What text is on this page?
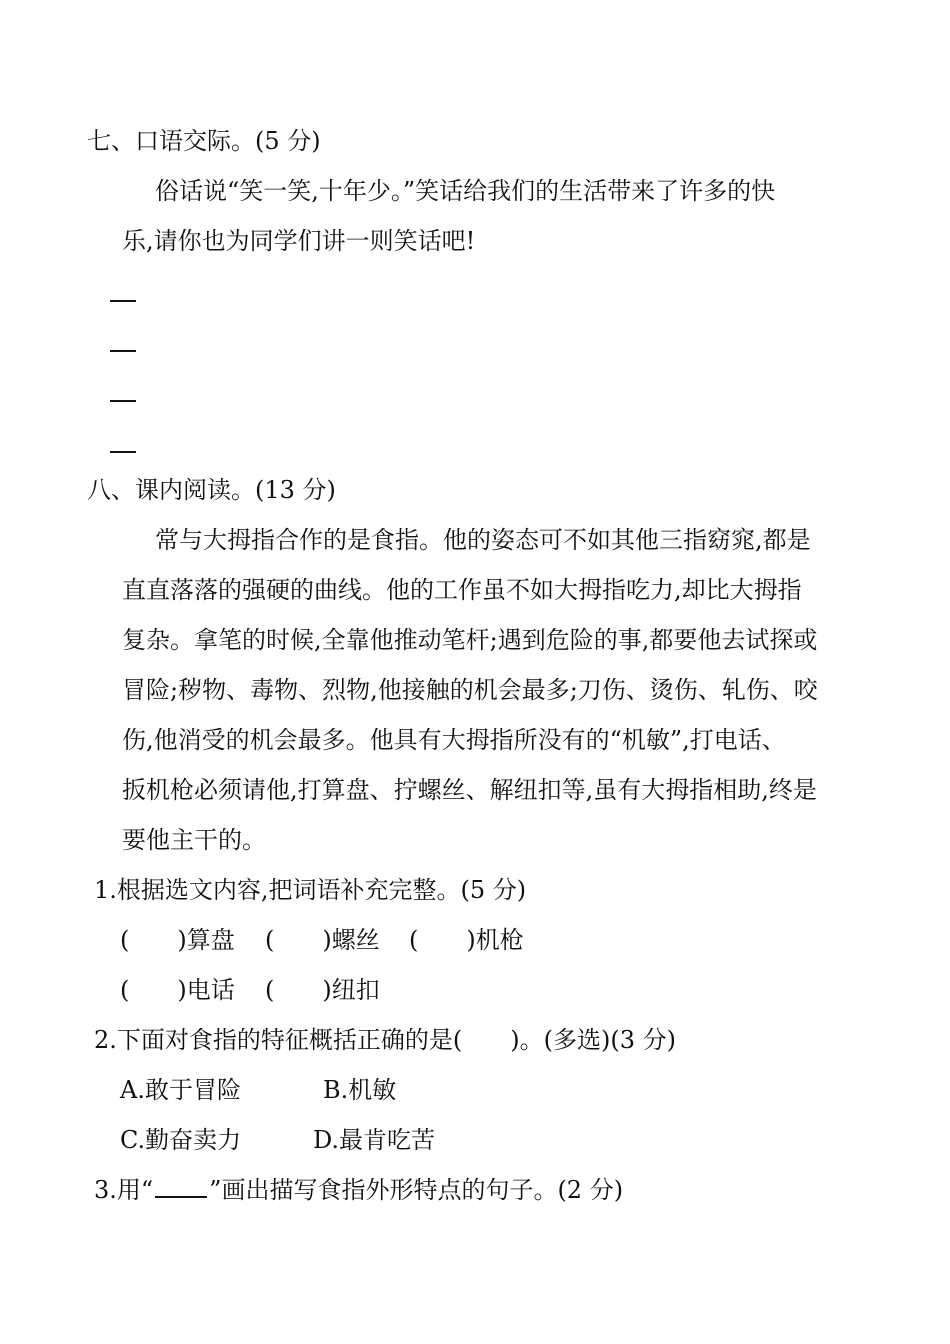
七、口语交际。(5 分)
俗话说“笑一笑,十年少。”笑话给我们的生活带来了许多的快
乐,请你也为同学们讲一则笑话吧!
八、课内阅读。(13 分)
常与大拇指合作的是食指。他的姿态可不如其他三指窈窕,都是
直直落落的强硬的曲线。他的工作虽不如大拇指吃力,却比大拇指
复杂。拿笔的时候,全靠他推动笔杆;遇到危险的事,都要他去试探或
冒险;秽物、毒物、烈物,他接触的机会最多;刀伤、烫伤、轧伤、咬
伤,他消受的机会最多。他具有大拇指所没有的“机敏”,打电话、
扳机枪必须请他,打算盘、拧螺丝、解纽扣等,虽有大拇指相助,终是
要他主干的。
1.根据选文内容,把词语补充完整。(5 分)
(　　)算盘 (　　)螺丝 (　　)机枪
(　　)电话 (　　)纽扣
2.下面对食指的特征概括正确的是(　　)。(多选)(3 分)
A.敢于冒险	B.机敏
C.勤奋卖力	D.最肯吃苦
3.用“ ”画出描写食指外形特点的句子。(2 分)
